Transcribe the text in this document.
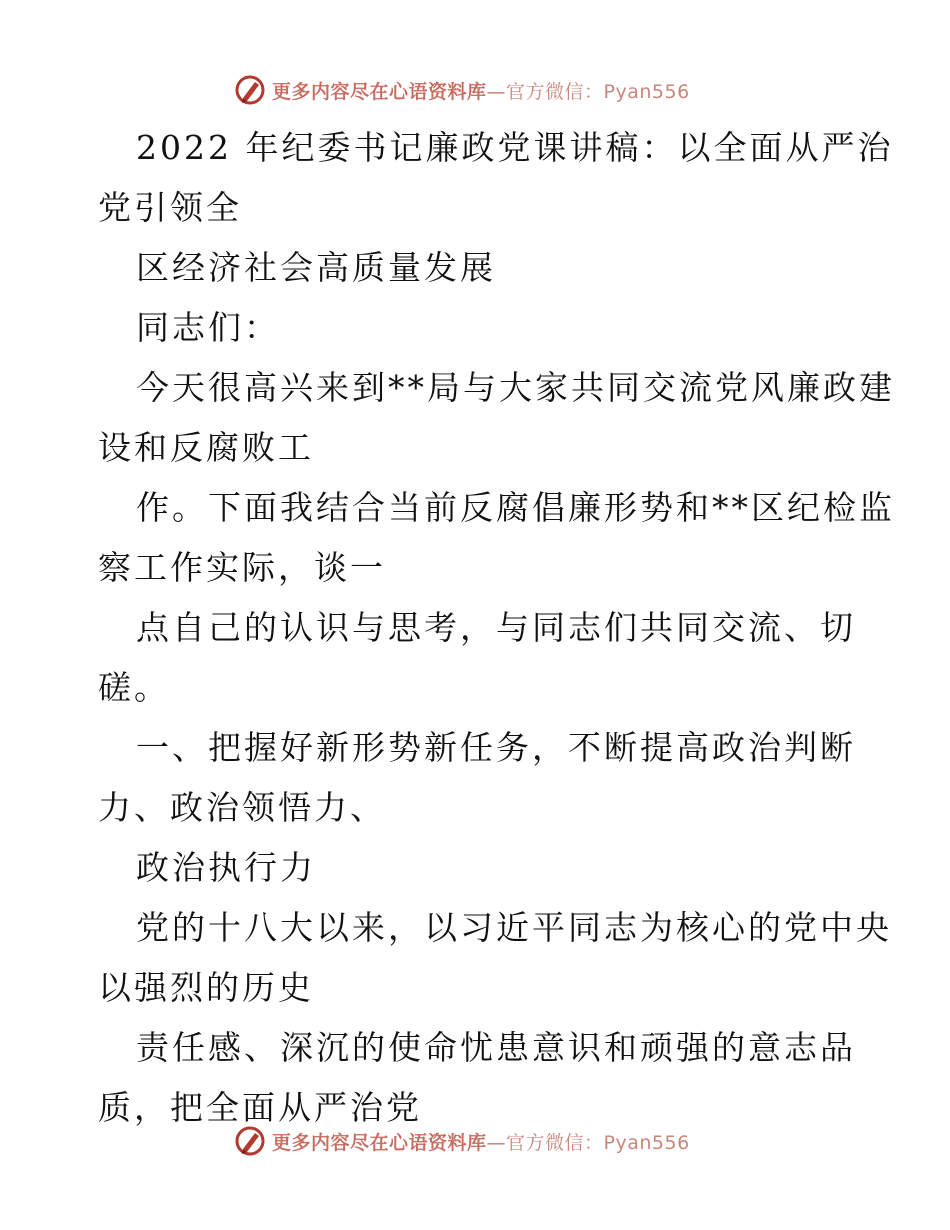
更多内容尽在心语资料库—官方微信：Pyan556
2022 年纪委书记廉政党课讲稿：以全面从严治
党引领全
区经济社会高质量发展
同志们：
今天很高兴来到**局与大家共同交流党风廉政建
设和反腐败工
作。下面我结合当前反腐倡廉形势和**区纪检监
察工作实际，谈一
点自己的认识与思考，与同志们共同交流、切
磋。
一、把握好新形势新任务，不断提高政治判断
力、政治领悟力、
政治执行力
党的十八大以来，以习近平同志为核心的党中央
以强烈的历史
责任感、深沉的使命忧患意识和顽强的意志品
质，把全面从严治党
更多内容尽在心语资料库—官方微信：Pyan556
